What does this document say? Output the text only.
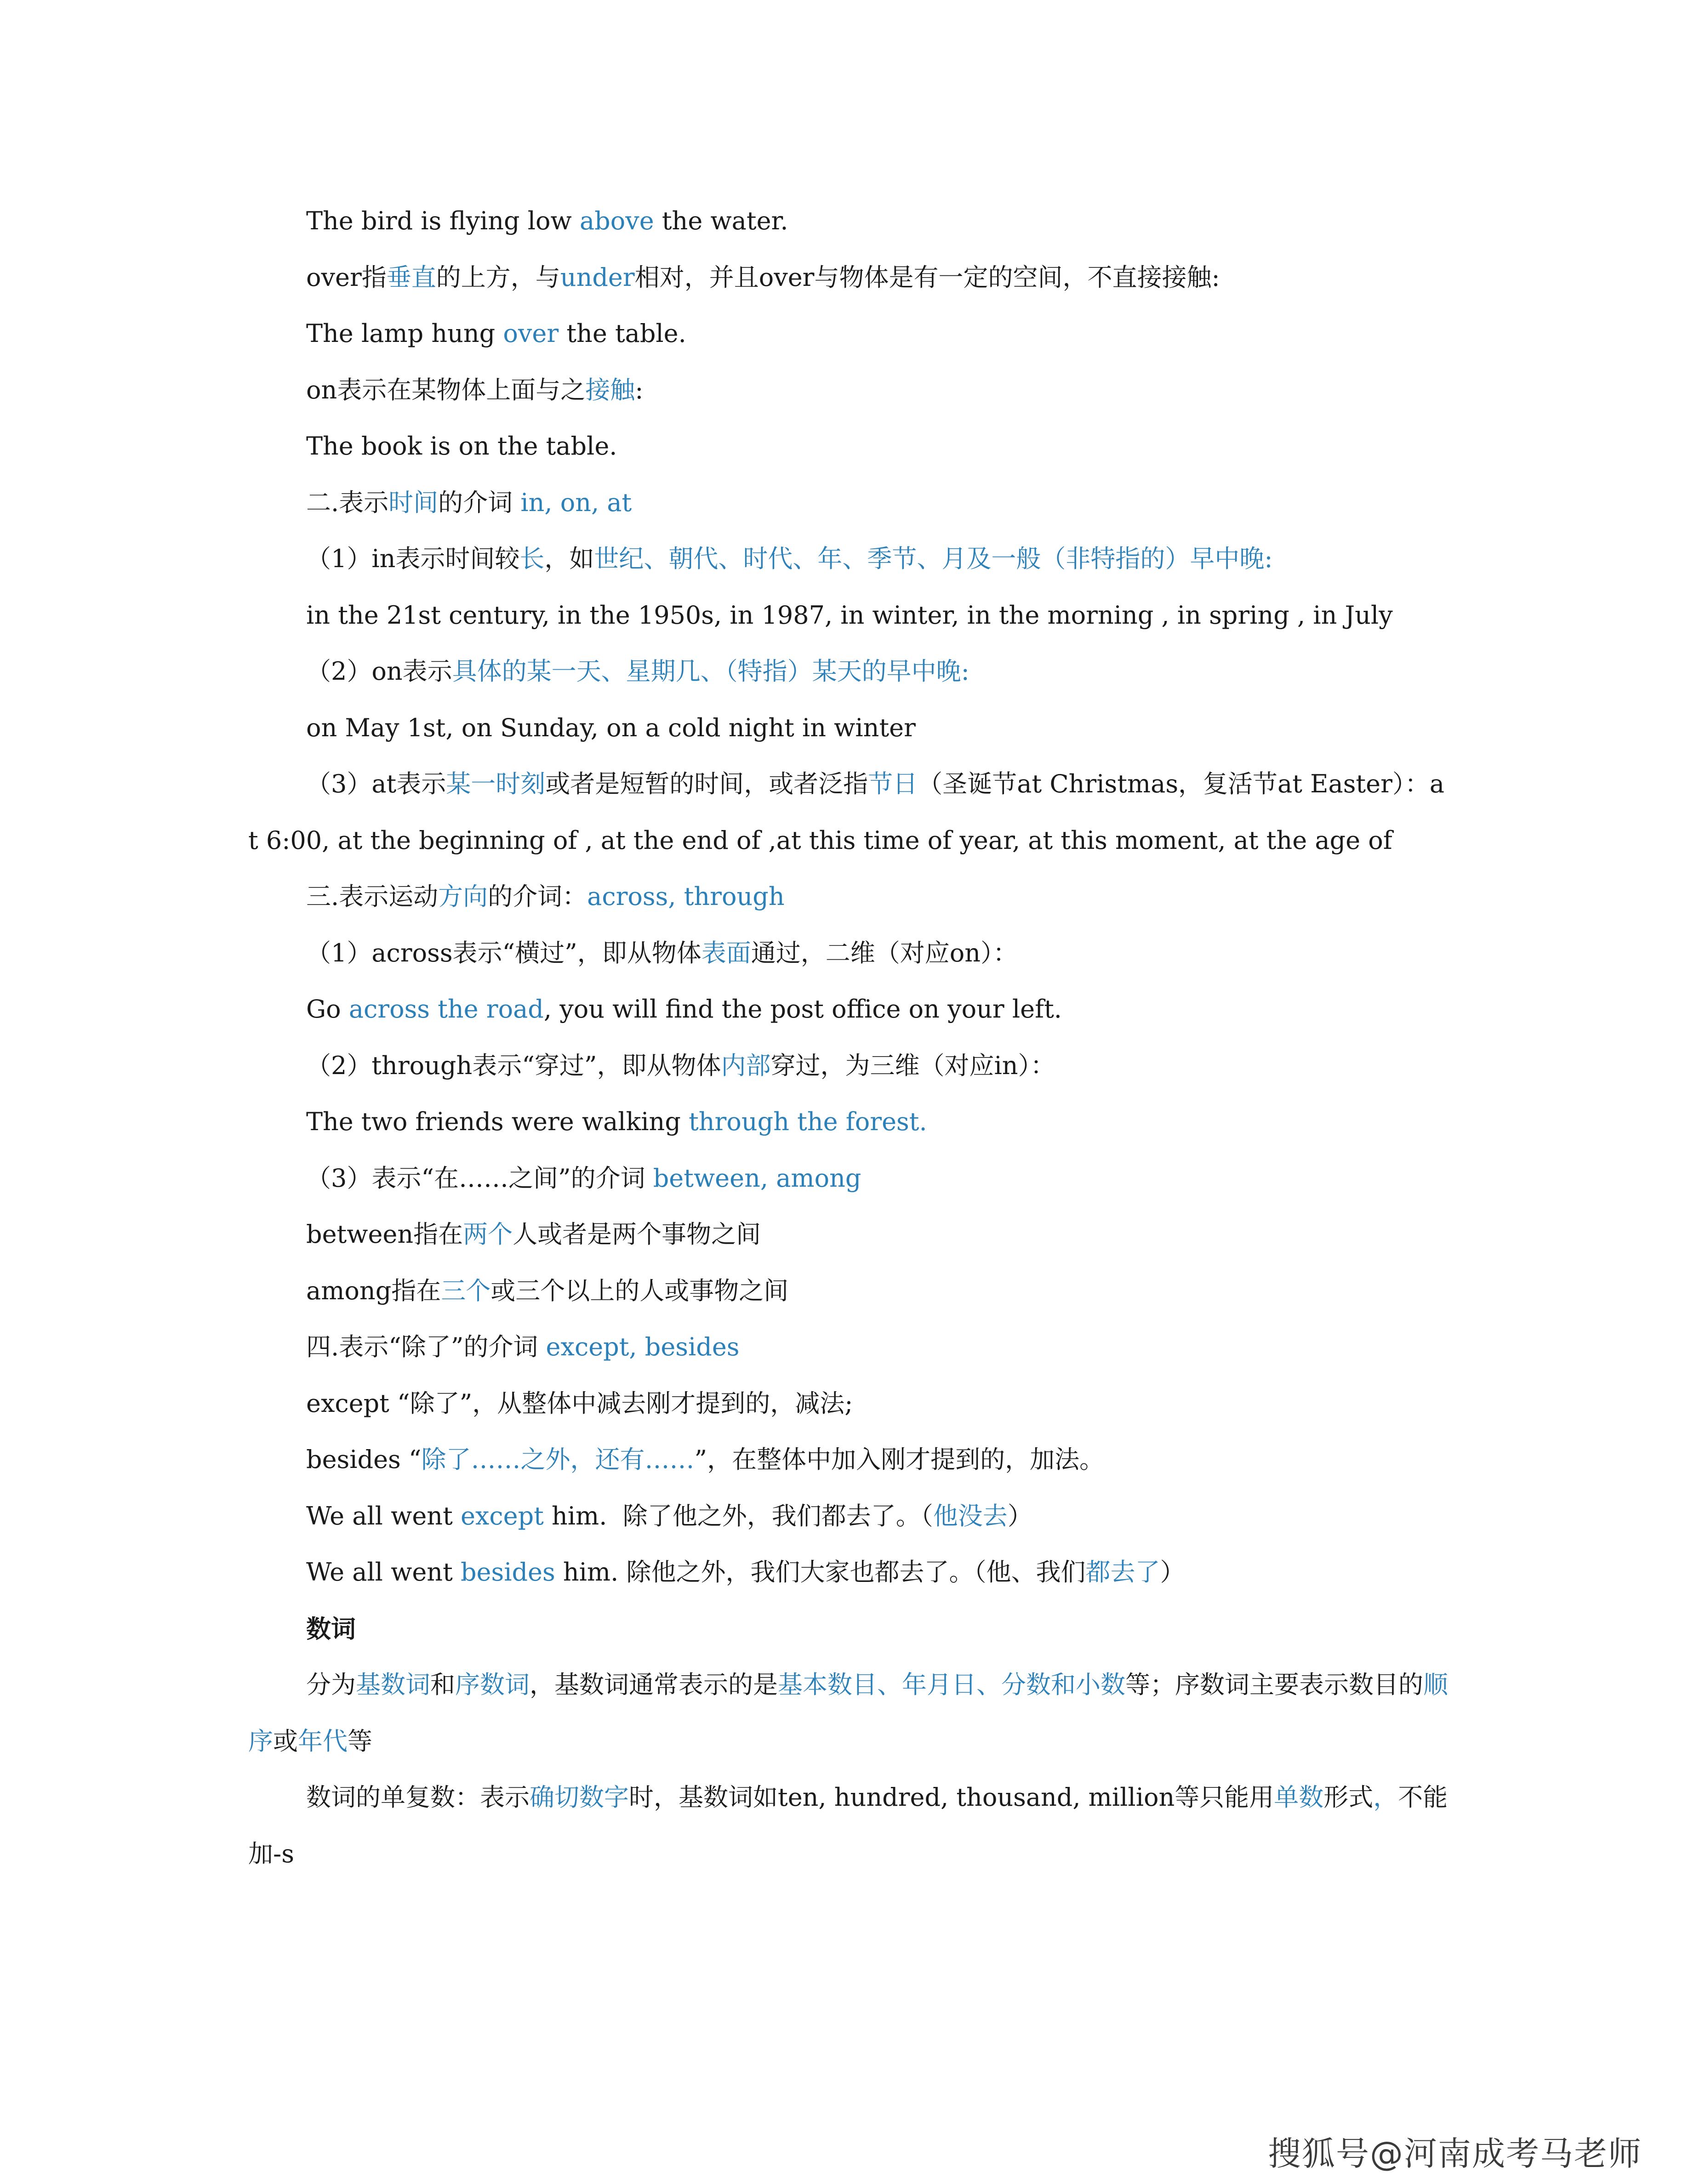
The bird is flying low above the water.
over指垂直的上方，与under相对，并且over与物体是有一定的空间，不直接接触:
The lamp hung over the table.
on表示在某物体上面与之接触:
The book is on the table.
二.表示时间的介词 in, on, at
（1）in表示时间较长，如世纪、朝代、时代、年、季节、月及一般（非特指的）早中晚:
in the 21st century, in the 1950s, in 1987, in winter, in the morning , in spring , in July
（2）on表示具体的某一天、星期几、（特指）某天的早中晚:
on May 1st, on Sunday, on a cold night in winter
（3）at表示某一时刻或者是短暂的时间，或者泛指节日（圣诞节at Christmas，复活节at Easter）：at 6:00, at the beginning of , at the end of ,at this time of year, at this moment, at the age of
三.表示运动方向的介词：across, through
（1）across表示“横过”，即从物体表面通过，二维（对应on）：
Go across the road, you will find the post office on your left.
（2）through表示“穿过”，即从物体内部穿过，为三维（对应in）：
The two friends were walking through the forest.
（3）表示“在……之间”的介词 between, among
between指在两个人或者是两个事物之间
among指在三个或三个以上的人或事物之间
四.表示“除了”的介词 except, besides
except “除了”，从整体中减去刚才提到的，减法;
besides “除了……之外，还有……”，在整体中加入刚才提到的，加法。
We all went except him.  除了他之外，我们都去了。（他没去）
We all went besides him. 除他之外，我们大家也都去了。（他、我们都去了）
数词
分为基数词和序数词，基数词通常表示的是基本数目、年月日、分数和小数等；序数词主要表示数目的顺序或年代等
数词的单复数：表示确切数字时，基数词如ten, hundred, thousand, million等只能用单数形式，不能加-s
搜狐号@河南成考马老师
